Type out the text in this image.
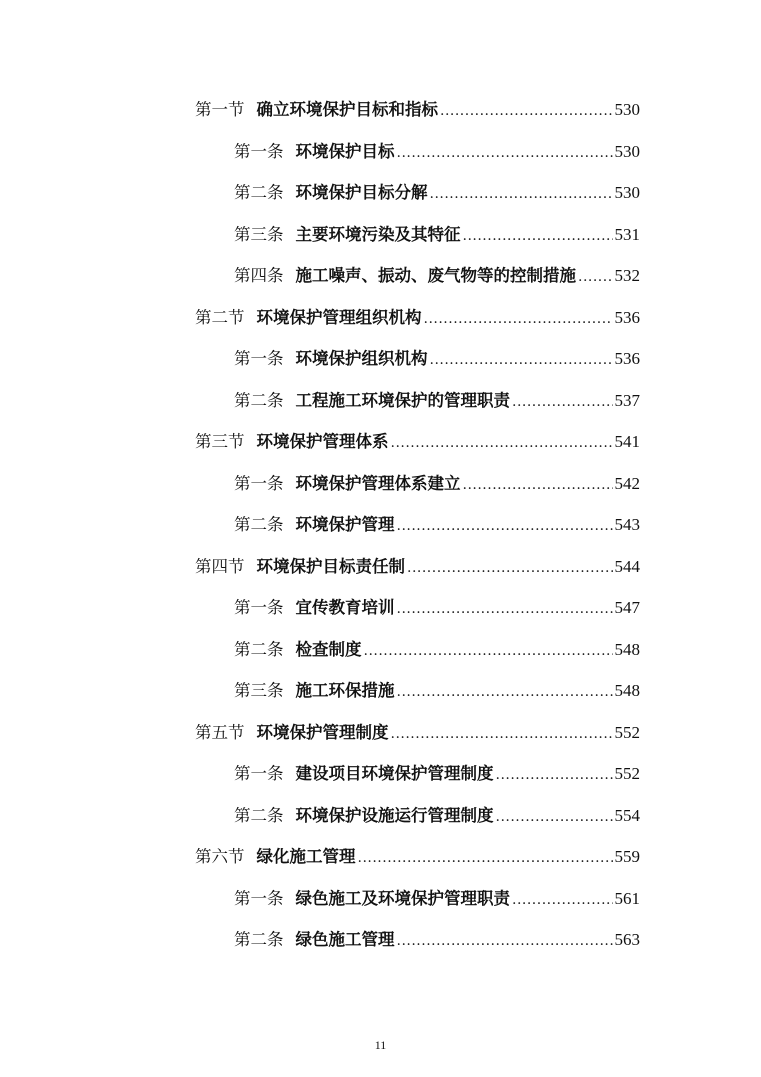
第一节 确立环境保护目标和指标 .....	530
第一条 环境保护目标 .....	530
第二条 环境保护目标分解 .....	530
第三条 主要环境污染及其特征 .....	531
第四条 施工噪声、振动、废气物等的控制措施 ..... 532
第二节 环境保护管理组织机构 .....	536
第一条 环境保护组织机构 .....	536
第二条 工程施工环境保护的管理职责 .....	537
第三节 环境保护管理体系 .....	541
第一条 环境保护管理体系建立 .....	542
第二条 环境保护管理 .....	543
第四节 环境保护目标责任制 .....	544
第一条 宜传教育培训 .....	547
第二条 检查制度 .....	548
第三条 施工环保措施 .....	548
第五节 环境保护管理制度 .....	552
第一条 建设项目环境保护管理制度 .....	552
第二条 环境保护设施运行管理制度 .....	554
第六节 绿化施工管理 .....	559
第一条 绿色施工及环境保护管理职责 .....	561
第二条 绿色施工管理 .....	563
11
